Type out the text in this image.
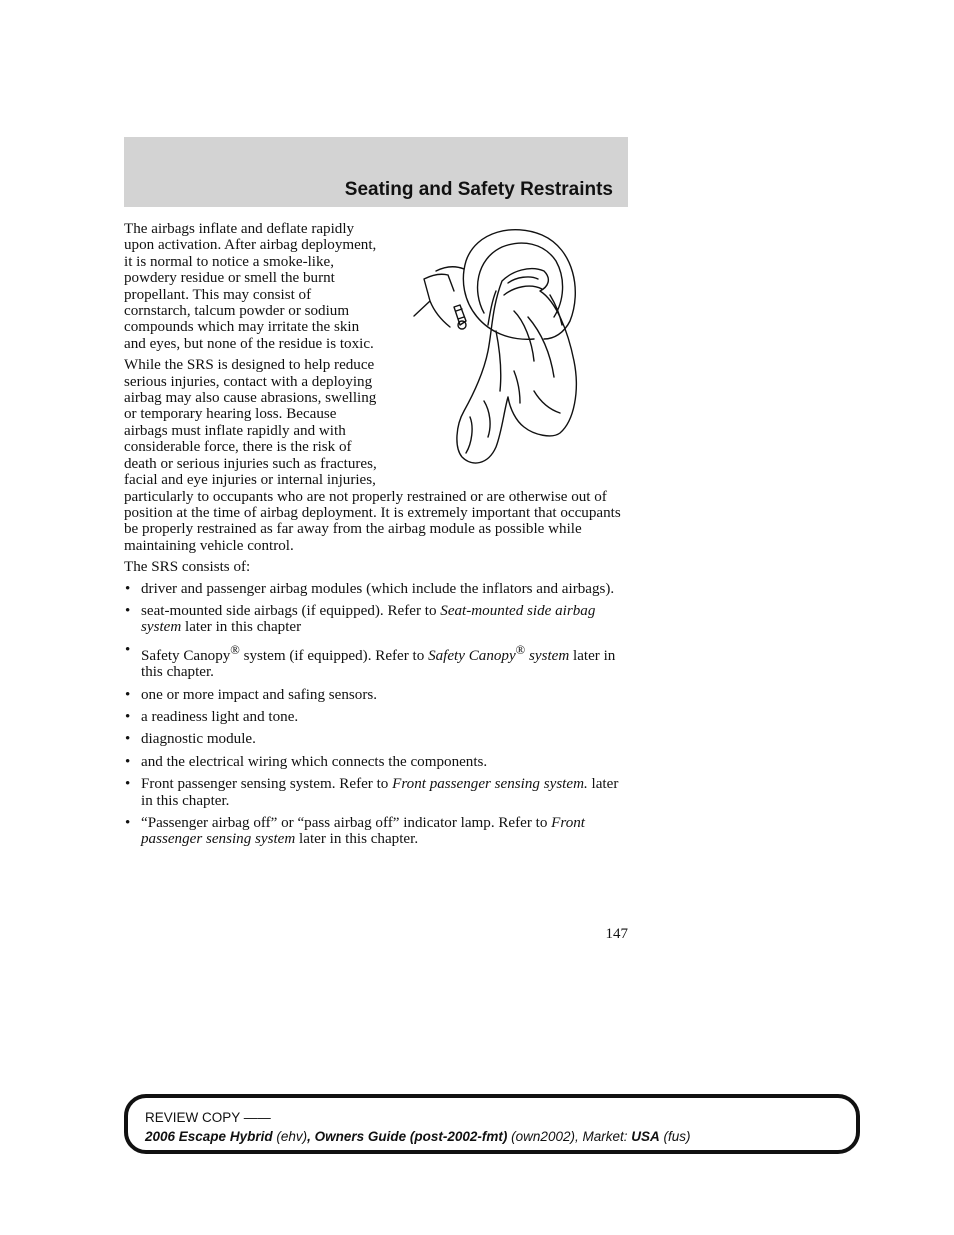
Seating and Safety Restraints

The airbags inflate and deflate rapidly upon activation. After airbag deployment, it is normal to notice a smoke-like, powdery residue or smell the burnt propellant. This may consist of cornstarch, talcum powder or sodium compounds which may irritate the skin and eyes, but none of the residue is toxic.

While the SRS is designed to help reduce serious injuries, contact with a deploying airbag may also cause abrasions, swelling or temporary hearing loss. Because airbags must inflate rapidly and with considerable force, there is the risk of death or serious injuries such as fractures, facial and eye injuries or internal injuries, particularly to occupants who are not properly restrained or are otherwise out of position at the time of airbag deployment. It is extremely important that occupants be properly restrained as far away from the airbag module as possible while maintaining vehicle control.

The SRS consists of:

• driver and passenger airbag modules (which include the inflators and airbags).
• seat-mounted side airbags (if equipped). Refer to Seat-mounted side airbag system later in this chapter
• Safety Canopy® system (if equipped). Refer to Safety Canopy® system later in this chapter.
• one or more impact and safing sensors.
• a readiness light and tone.
• diagnostic module.
• and the electrical wiring which connects the components.
• Front passenger sensing system. Refer to Front passenger sensing system. later in this chapter.
• “Passenger airbag off” or “pass airbag off” indicator lamp. Refer to Front passenger sensing system later in this chapter.
147
REVIEW COPY ——
2006 Escape Hybrid (ehv), Owners Guide (post-2002-fmt) (own2002), Market: USA (fus)
